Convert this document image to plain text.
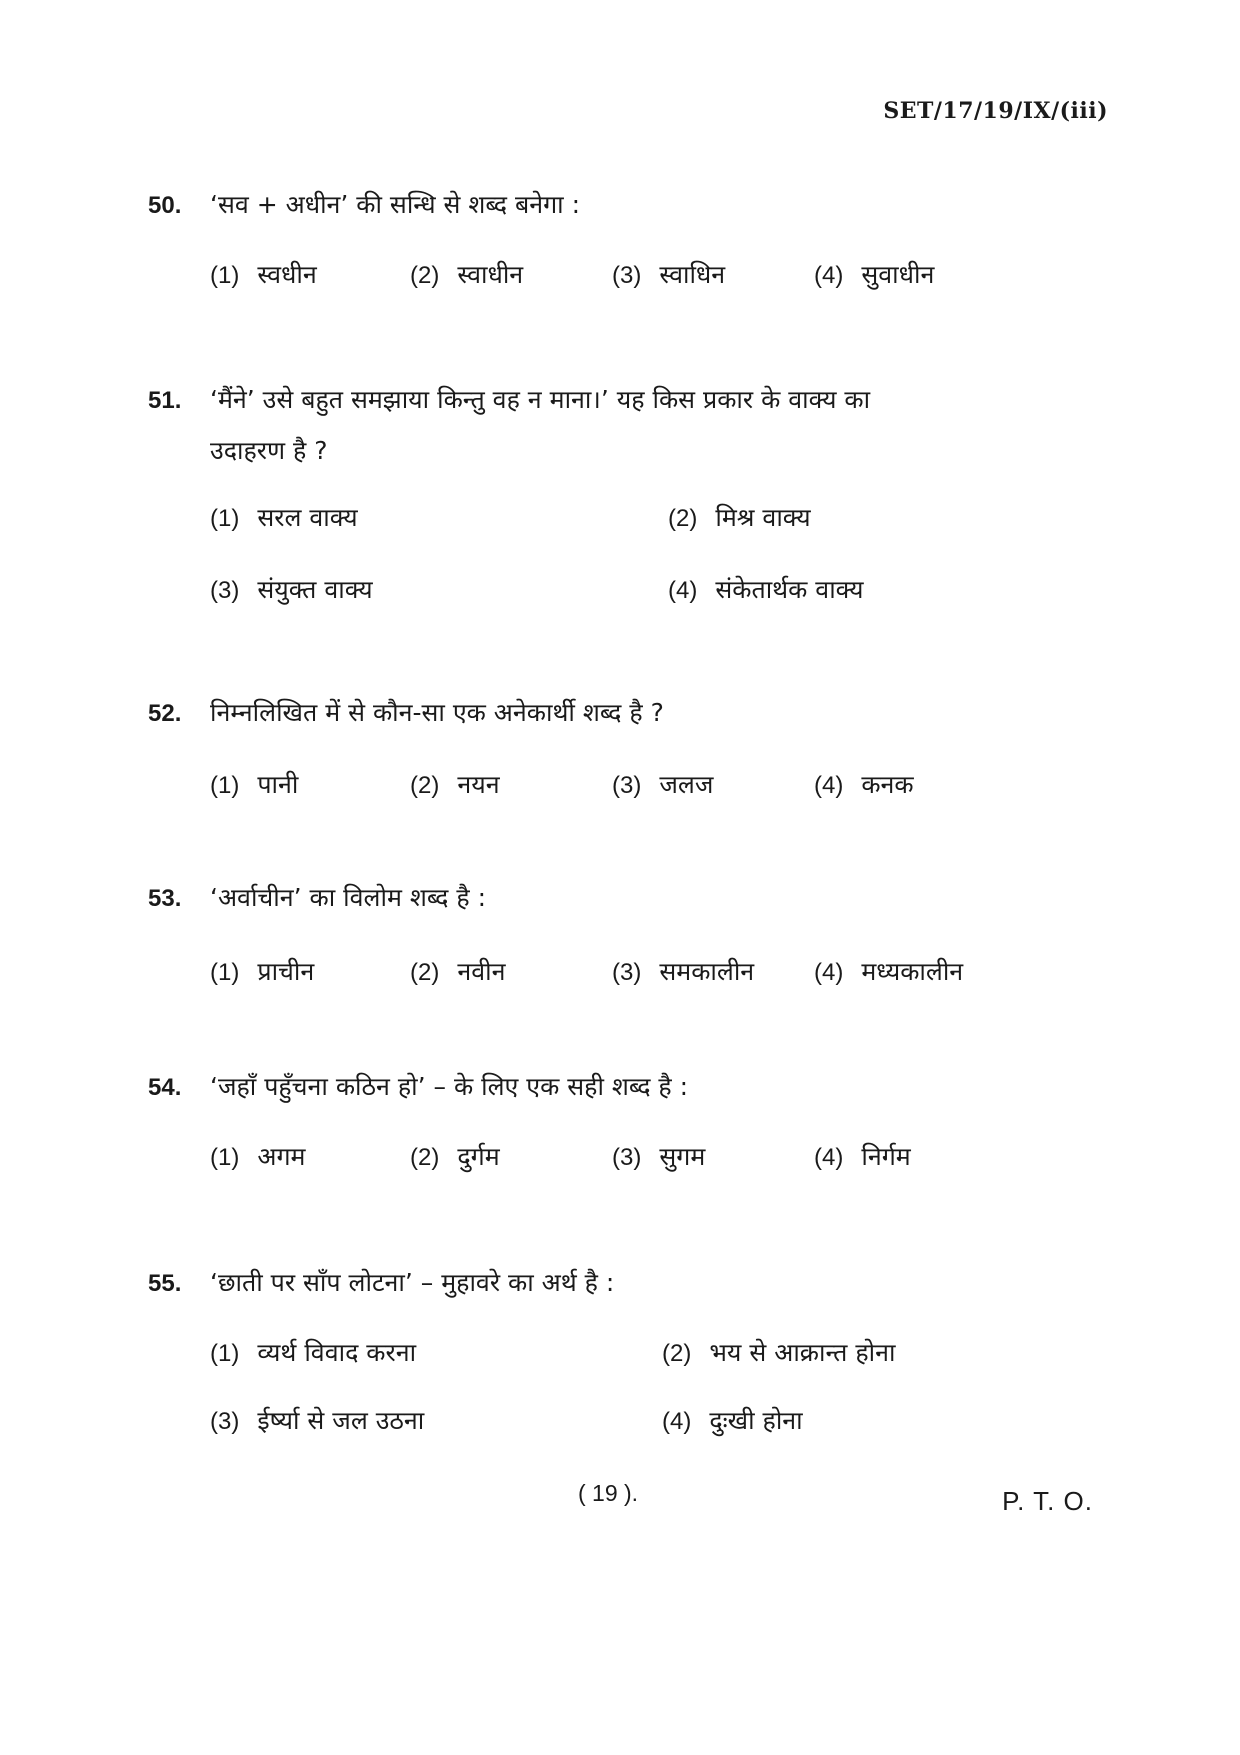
SET/17/19/IX/(iii)
50.	‘सव + अधीन’ की सन्धि से शब्द बनेगा :
(1) स्वधीन	(2) स्वाधीन	(3) स्वाधिन	(4) सुवाधीन
51.	‘मैंने’ उसे बहुत समझाया किन्तु वह न माना।’ यह किस प्रकार के वाक्य का
उदाहरण है ?
(1) सरल वाक्य	(2) मिश्र वाक्य
(3) संयुक्त वाक्य	(4) संकेतार्थक वाक्य
52.	निम्नलिखित में से कौन-सा एक अनेकार्थी शब्द है ?
(1) पानी	(2) नयन	(3) जलज	(4) कनक
53.	‘अर्वाचीन’ का विलोम शब्द है :
(1) प्राचीन	(2) नवीन	(3) समकालीन (4) मध्यकालीन
54.	‘जहाँ पहुँचना कठिन हो’ – के लिए एक सही शब्द है :
(1) अगम	(2) दुर्गम	(3) सुगम	(4) निर्गम
55.	‘छाती पर साँप लोटना’ – मुहावरे का अर्थ है :
(1) व्यर्थ विवाद करना	(2) भय से आक्रान्त होना
(3) ईर्ष्या से जल उठना	(4) दुःखी होना
( 19 ).	P. T. O.
